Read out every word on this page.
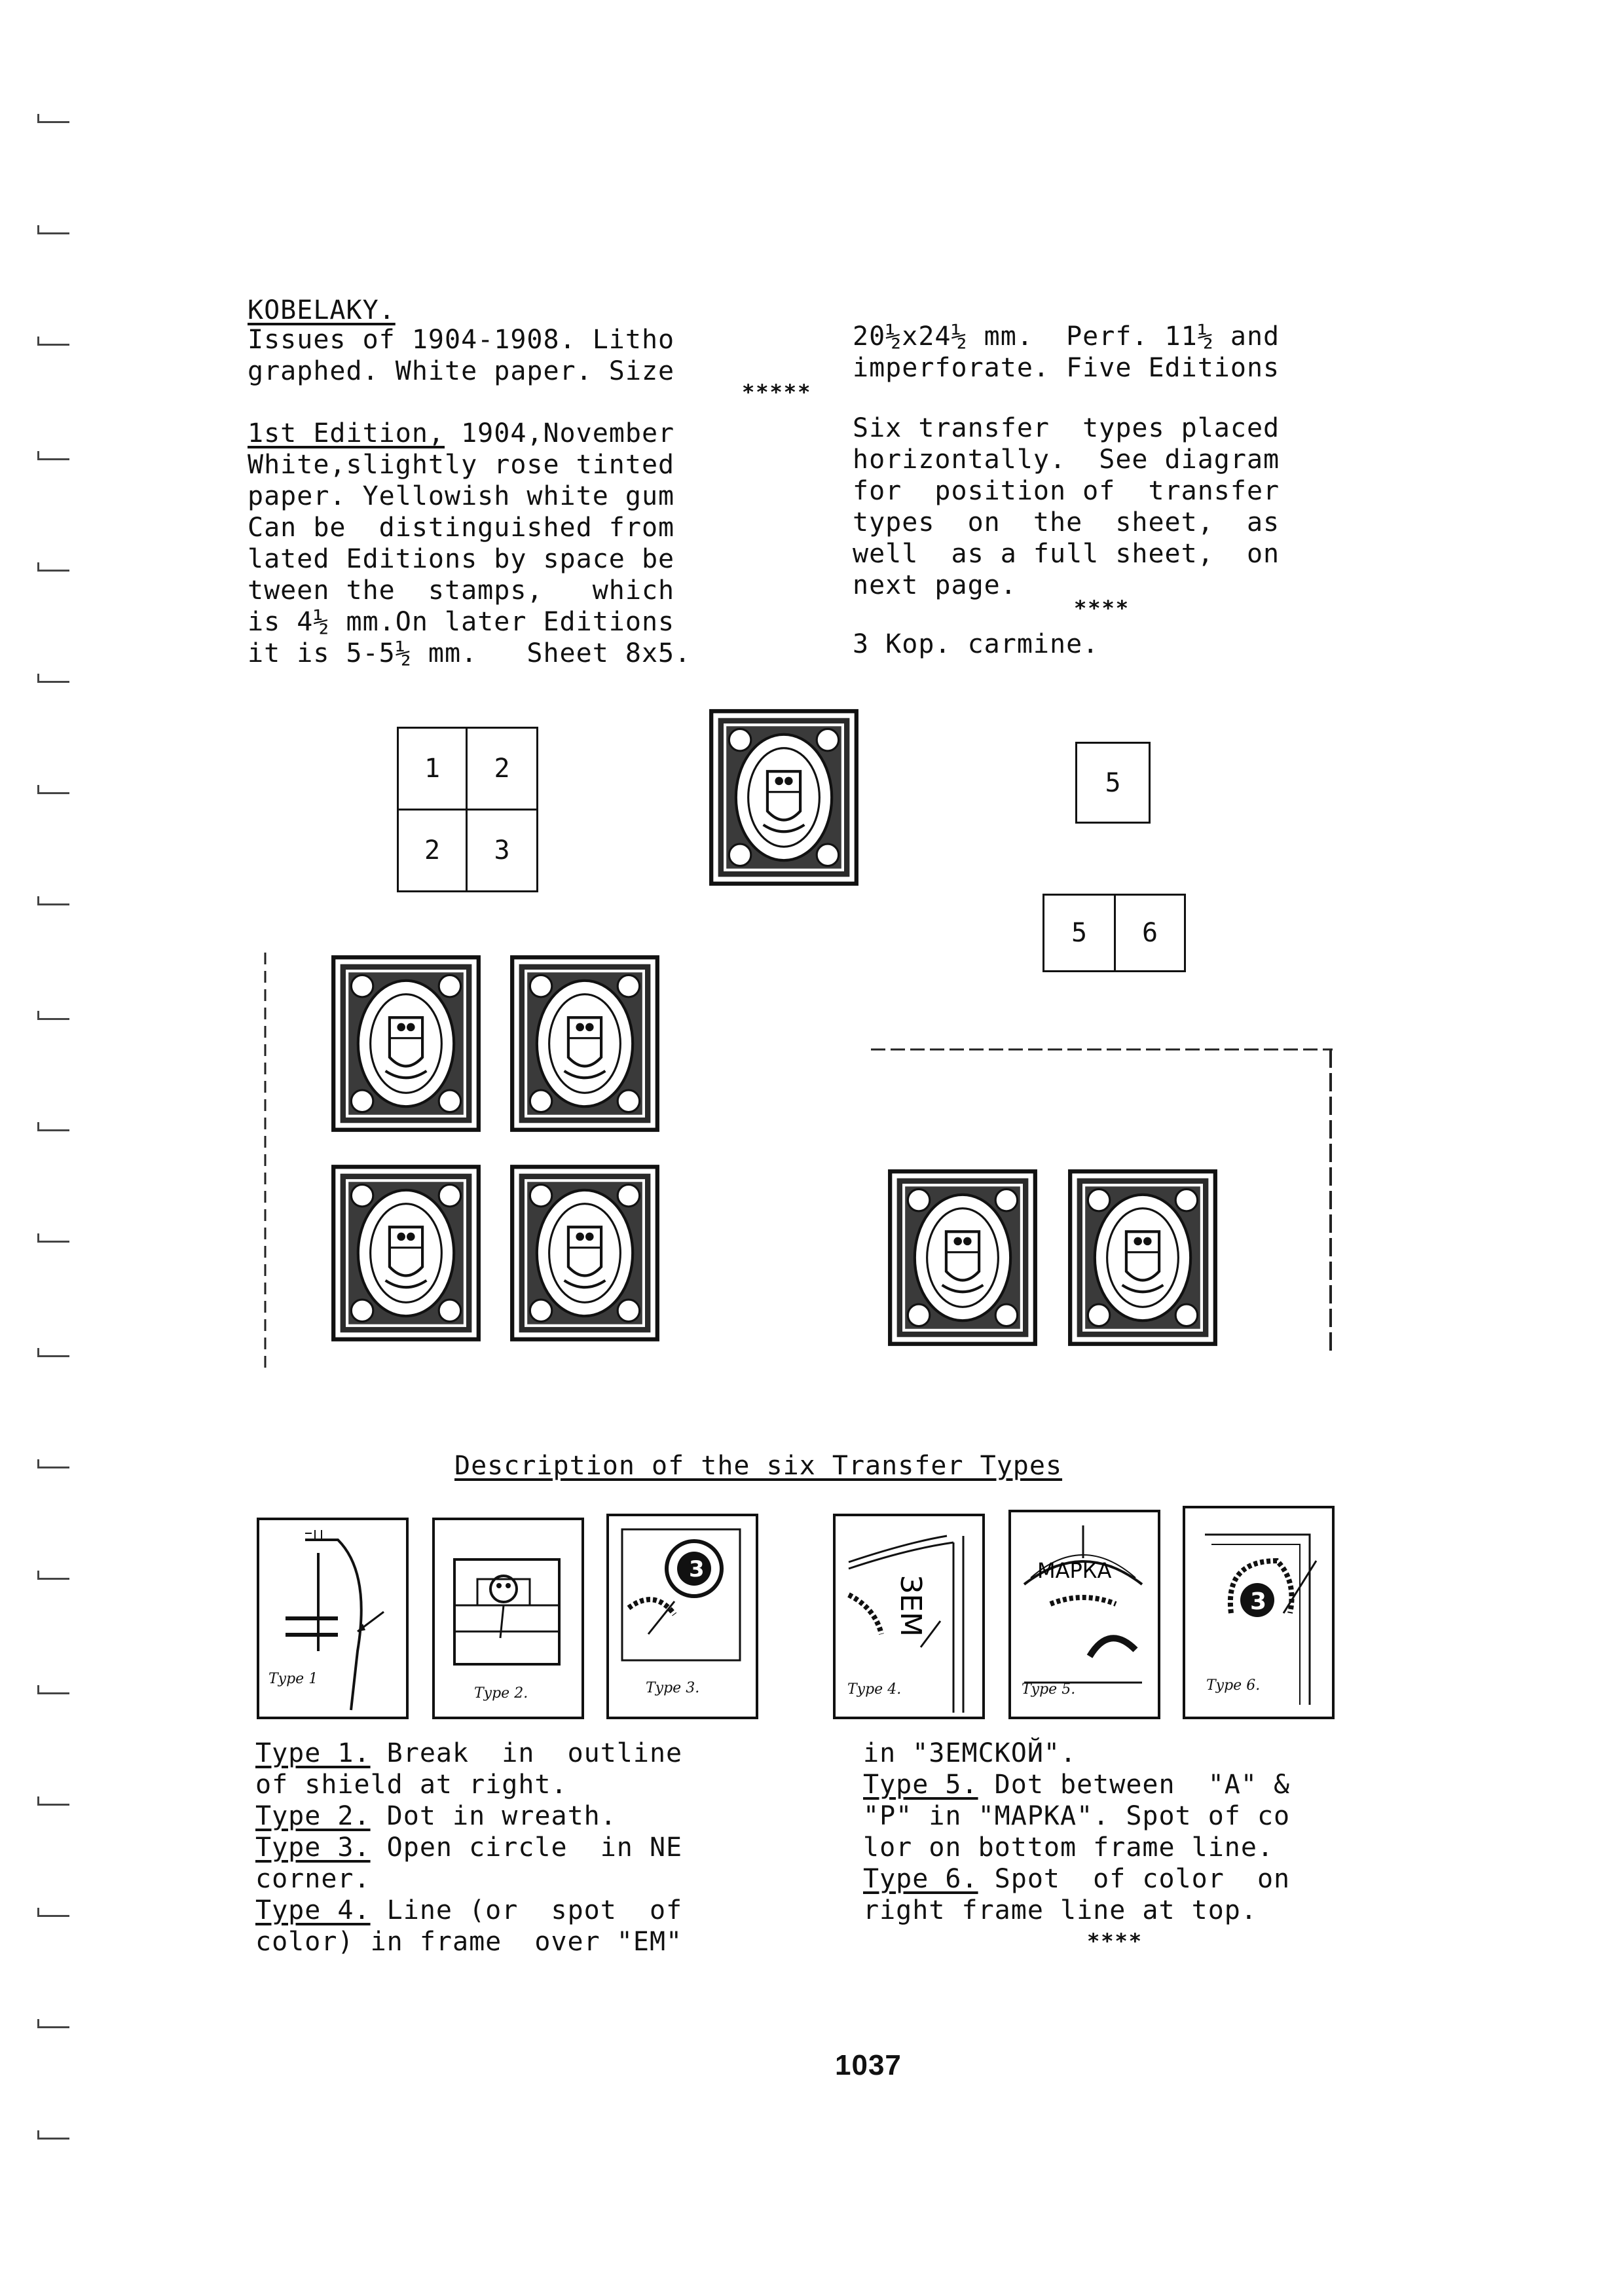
KOBELAKY.
Issues of 1904-1908. Litho
graphed. White paper. Size
20½x24½ mm.  Perf. 11½ and
imperforate. Five Editions
*****
1st Edition, 1904,November
White,slightly rose tinted
paper. Yellowish white gum
Can be  distinguished from
lated Editions by space be
tween the  stamps,   which
is 4½ mm.On later Editions
it is 5-5½ mm.   Sheet 8x5.
Six transfer  types placed
horizontally.  See diagram
for  position of  transfer
types  on  the  sheet,  as
well  as a full sheet,  on
next page.
****
3 Kop. carmine.
1	2
2	3
5
5	6
Description of the six Transfer Types
Type 1
Type 2.
3
Type 3.
ЗЕМ
Type 4.
МАРКА
Type 5.
3
Type 6.
Type 1. Break  in  outline
of shield at right.
Type 2. Dot in wreath.
Type 3. Open circle  in NE
corner.
Type 4. Line (or  spot  of
color) in frame  over "EM"
in "ЗЕМСКОЙ".
Type 5. Dot between  "A" &
"P" in "MAPKA". Spot of co
lor on bottom frame line.
Type 6. Spot  of color  on
right frame line at top.
****
1037
